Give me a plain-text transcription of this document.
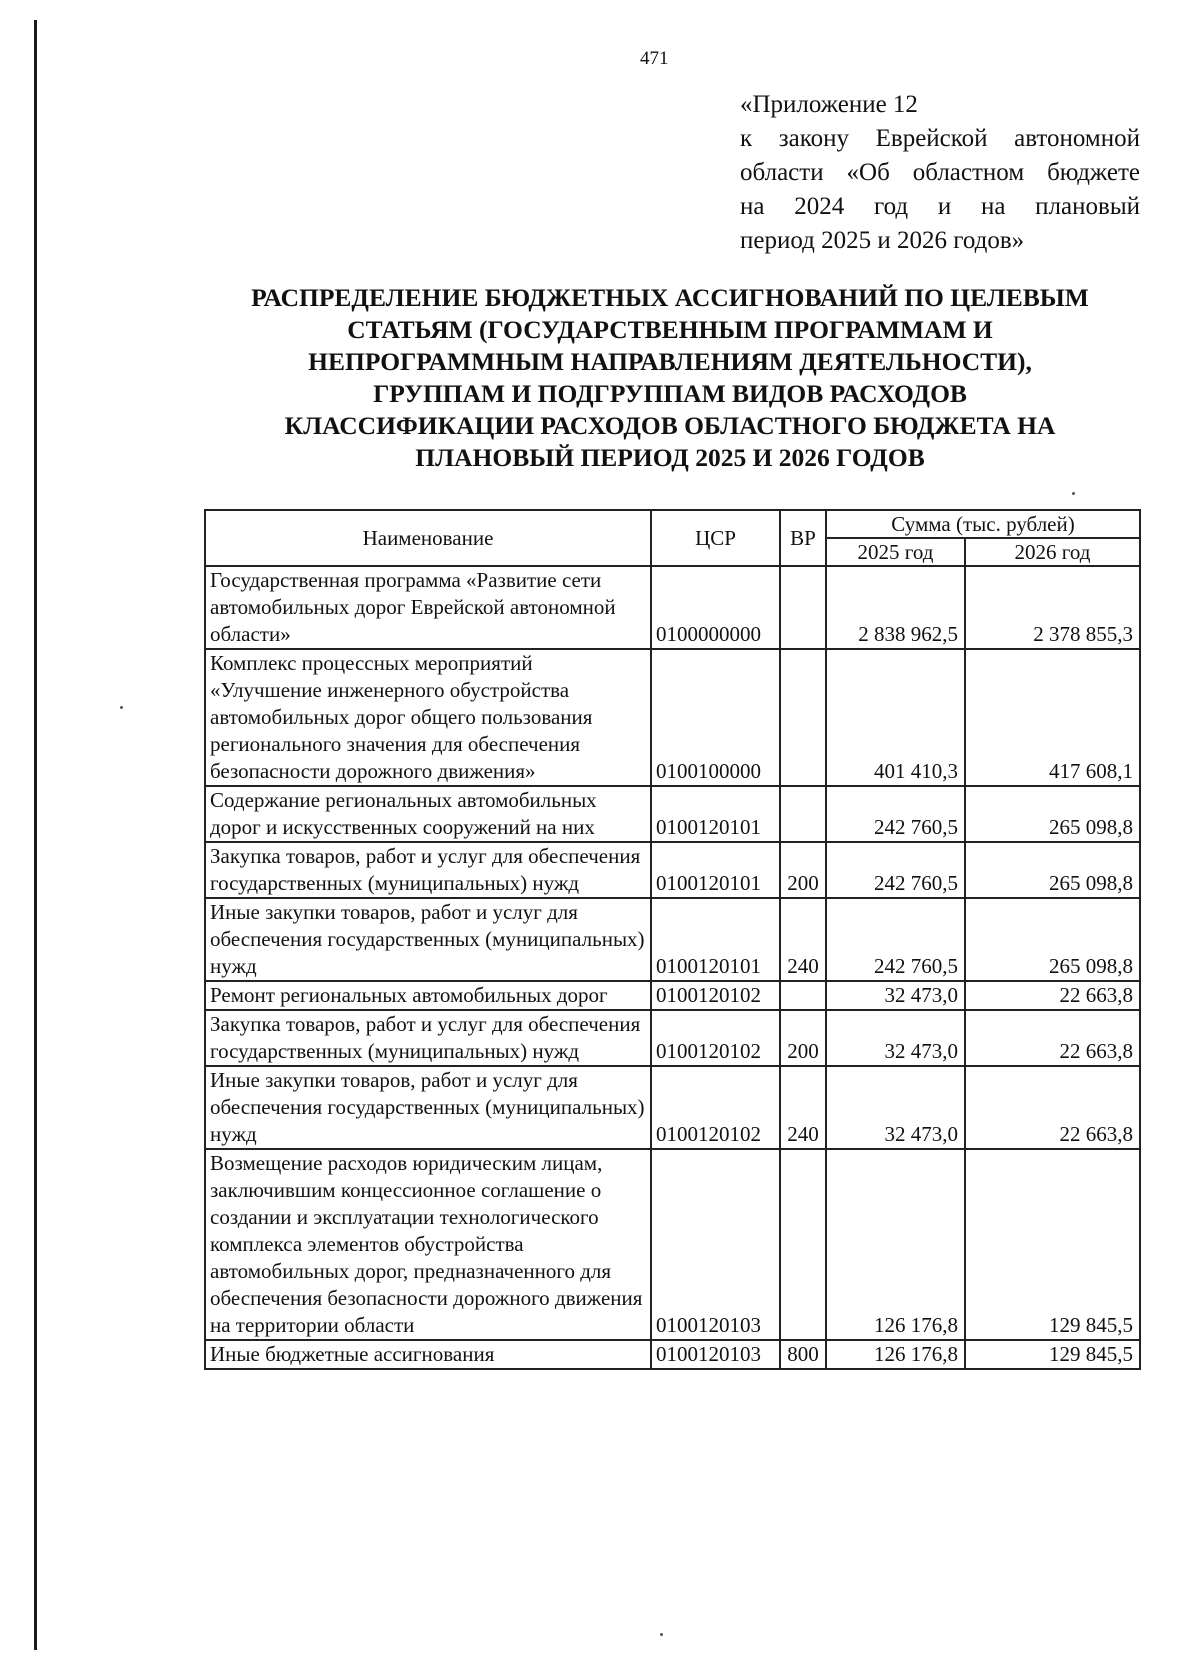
471
«Приложение 12
к закону Еврейской автономной
области «Об областном бюджете
на 2024 год и на плановый
период 2025 и 2026 годов»
РАСПРЕДЕЛЕНИЕ БЮДЖЕТНЫХ АССИГНОВАНИЙ ПО ЦЕЛЕВЫМ
СТАТЬЯМ (ГОСУДАРСТВЕННЫМ ПРОГРАММАМ И
НЕПРОГРАММНЫМ НАПРАВЛЕНИЯМ ДЕЯТЕЛЬНОСТИ),
ГРУППАМ И ПОДГРУППАМ ВИДОВ РАСХОДОВ
КЛАССИФИКАЦИИ РАСХОДОВ ОБЛАСТНОГО БЮДЖЕТА НА
ПЛАНОВЫЙ ПЕРИОД 2025 И 2026 ГОДОВ
Наименование	ЦСР	ВР	Сумма (тыс. рублей)	
			2025 год	2026 год
Государственная программа «Развитие сети автомобильных дорог Еврейской автономной области»	0100000000		2 838 962,5	2 378 855,3
Комплекс процессных мероприятий «Улучшение инженерного обустройства автомобильных дорог общего пользования регионального значения для обеспечения безопасности дорожного движения»	0100100000		401 410,3	417 608,1
Содержание региональных автомобильных дорог и искусственных сооружений на них	0100120101		242 760,5	265 098,8
Закупка товаров, работ и услуг для обеспечения государственных (муниципальных) нужд	0100120101	200	242 760,5	265 098,8
Иные закупки товаров, работ и услуг для обеспечения государственных (муниципальных) нужд	0100120101	240	242 760,5	265 098,8
Ремонт региональных автомобильных дорог	0100120102		32 473,0	22 663,8
Закупка товаров, работ и услуг для обеспечения государственных (муниципальных) нужд	0100120102	200	32 473,0	22 663,8
Иные закупки товаров, работ и услуг для обеспечения государственных (муниципальных) нужд	0100120102	240	32 473,0	22 663,8
Возмещение расходов юридическим лицам, заключившим концессионное соглашение о создании и эксплуатации технологического комплекса элементов обустройства автомобильных дорог, предназначенного для обеспечения безопасности дорожного движения на территории области	0100120103		126 176,8	129 845,5
Иные бюджетные ассигнования	0100120103	800	126 176,8	129 845,5
